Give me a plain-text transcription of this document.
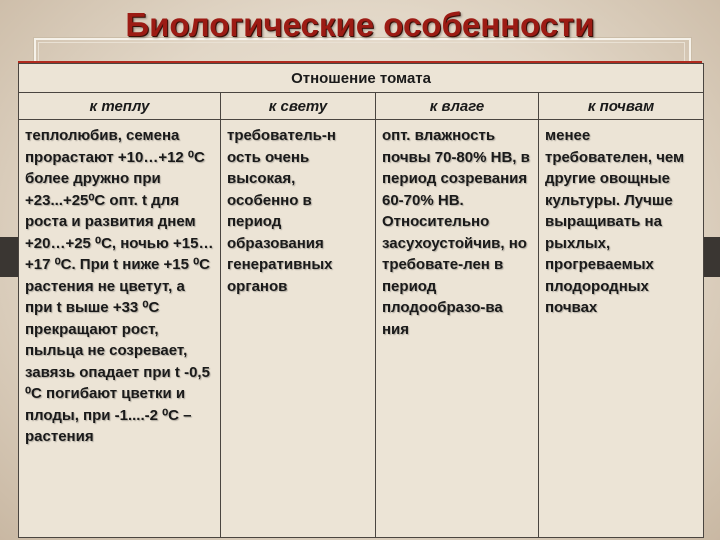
Биологические особенности
Отношение томата			
к теплу	к свету	к влаге	к почвам

теплолюбив, семена прорастают +10…+12 ⁰С более дружно при +23...+25⁰С опт. t для роста и развития днем +20…+25 ⁰С, ночью +15…+17 ⁰С. При t ниже +15 ⁰С растения не цветут, а при t выше +33 ⁰С прекращают рост, пыльца не созревает, завязь опадает при t -0,5 ⁰С погибают цветки и плоды, при -1....-2 ⁰С – растения	требователь-н ость очень высокая, особенно в период образования генеративных органов	опт. влажность почвы 70-80% НВ, в период созревания 60-70% НВ. Относительно засухоустойчив, но требовате-лен в период плодообразо-ва ния	менее требователен, чем другие овощные культуры. Лучше выращивать на рыхлых, прогреваемых плодородных почвах
